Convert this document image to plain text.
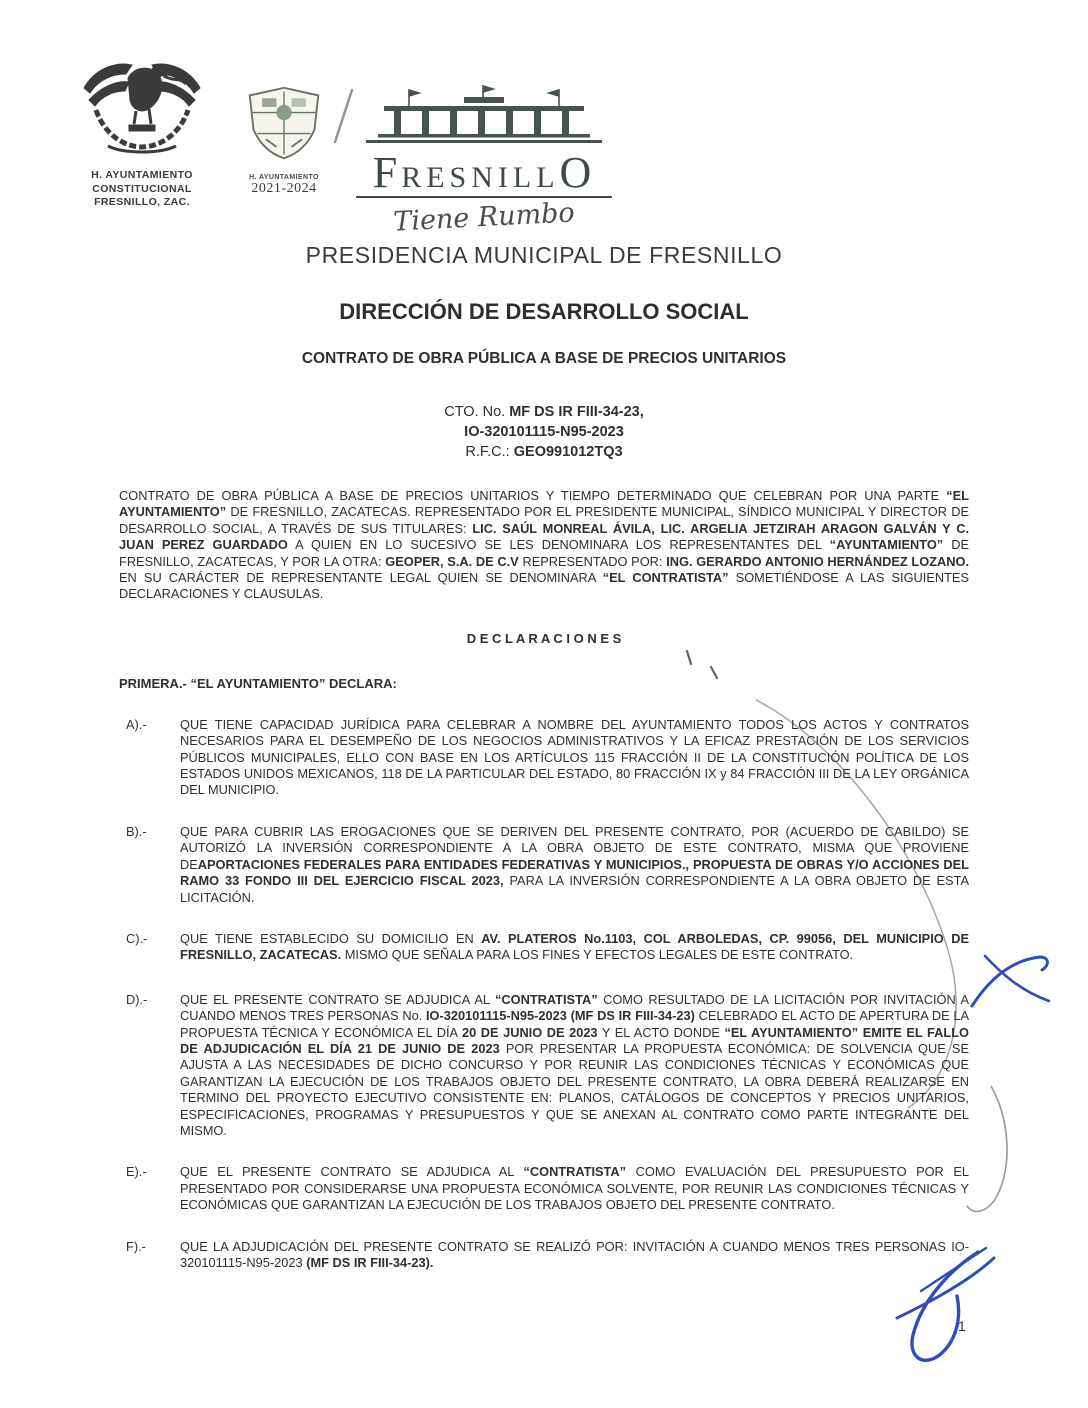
H. AYUNTAMIENTO
CONSTITUCIONAL
FRESNILLO, ZAC.
H. AYUNTAMIENTO
2021-2024	F RESNILL O
Tiene Rumbo
PRESIDENCIA MUNICIPAL DE FRESNILLO
DIRECCIÓN DE DESARROLLO SOCIAL
CONTRATO DE OBRA PÚBLICA A BASE DE PRECIOS UNITARIOS
CTO. No. MF DS IR FIII-34-23,
IO-320101115-N95-2023
R.F.C.: GEO991012TQ3

CONTRATO DE OBRA PÚBLICA A BASE DE PRECIOS UNITARIOS Y TIEMPO DETERMINADO QUE CELEBRAN POR UNA PARTE “EL AYUNTAMIENTO” DE FRESNILLO, ZACATECAS. REPRESENTADO POR EL PRESIDENTE MUNICIPAL, SÍNDICO MUNICIPAL Y DIRECTOR DE DESARROLLO SOCIAL, A TRAVÉS DE SUS TITULARES: LIC. SAÚL MONREAL ÁVILA, LIC. ARGELIA JETZIRAH ARAGON GALVÁN Y C. JUAN PEREZ GUARDADO A QUIEN EN LO SUCESIVO SE LES DENOMINARA LOS REPRESENTANTES DEL “AYUNTAMIENTO” DE FRESNILLO, ZACATECAS, Y POR LA OTRA: GEOPER, S.A. DE C.V REPRESENTADO POR: ING. GERARDO ANTONIO HERNÁNDEZ LOZANO. EN SU CARÁCTER DE REPRESENTANTE LEGAL QUIEN SE DENOMINARA “EL CONTRATISTA” SOMETIÉNDOSE A LAS SIGUIENTES DECLARACIONES Y CLAUSULAS.

D E C L A R A C I O N E S
PRIMERA.- “EL AYUNTAMIENTO” DECLARA:
A).-	QUE TIENE CAPACIDAD JURÍDICA PARA CELEBRAR A NOMBRE DEL AYUNTAMIENTO TODOS LOS ACTOS Y CONTRATOS NECESARIOS PARA EL DESEMPEÑO DE LOS NEGOCIOS ADMINISTRATIVOS Y LA EFICAZ PRESTACIÓN DE LOS SERVICIOS PÚBLICOS MUNICIPALES, ELLO CON BASE EN LOS ARTÍCULOS 115 FRACCIÓN II DE LA CONSTITUCIÓN POLÍTICA DE LOS ESTADOS UNIDOS MEXICANOS, 118 DE LA PARTICULAR DEL ESTADO, 80 FRACCIÓN IX y 84 FRACCIÓN III DE LA LEY ORGÁNICA DEL MUNICIPIO.

B).-	QUE PARA CUBRIR LAS EROGACIONES QUE SE DERIVEN DEL PRESENTE CONTRATO, POR (ACUERDO DE CABILDO) SE AUTORIZÓ LA INVERSIÓN CORRESPONDIENTE A LA OBRA OBJETO DE ESTE CONTRATO, MISMA QUE PROVIENE DEAPORTACIONES FEDERALES PARA ENTIDADES FEDERATIVAS Y MUNICIPIOS., PROPUESTA DE OBRAS Y/O ACCIONES DEL RAMO 33 FONDO III DEL EJERCICIO FISCAL 2023, PARA LA INVERSIÓN CORRESPONDIENTE A LA OBRA OBJETO DE ESTA LICITACIÓN.

C).-	QUE TIENE ESTABLECIDO SU DOMICILIO EN AV. PLATEROS No.1103, COL ARBOLEDAS, CP. 99056, DEL MUNICIPIO DE FRESNILLO, ZACATECAS. MISMO QUE SEÑALA PARA LOS FINES Y EFECTOS LEGALES DE ESTE CONTRATO.

D).-	QUE EL PRESENTE CONTRATO SE ADJUDICA AL “CONTRATISTA” COMO RESULTADO DE LA LICITACIÓN POR INVITACIÓN A CUANDO MENOS TRES PERSONAS No. IO-320101115-N95-2023 (MF DS IR FIII-34-23) CELEBRADO EL ACTO DE APERTURA DE LA PROPUESTA TÉCNICA Y ECONÓMICA EL DÍA 20 DE JUNIO DE 2023 Y EL ACTO DONDE “EL AYUNTAMIENTO” EMITE EL FALLO DE ADJUDICACIÓN EL DÍA 21 DE JUNIO DE 2023 POR PRESENTAR LA PROPUESTA ECONÓMICA: DE SOLVENCIA QUE SE AJUSTA A LAS NECESIDADES DE DICHO CONCURSO Y POR REUNIR LAS CONDICIONES TÉCNICAS Y ECONÓMICAS QUE GARANTIZAN LA EJECUCIÓN DE LOS TRABAJOS OBJETO DEL PRESENTE CONTRATO, LA OBRA DEBERÁ REALIZARSE EN TERMINO DEL PROYECTO EJECUTIVO CONSISTENTE EN: PLANOS, CATÁLOGOS DE CONCEPTOS Y PRECIOS UNITARIOS, ESPECIFICACIONES, PROGRAMAS Y PRESUPUESTOS Y QUE SE ANEXAN AL CONTRATO COMO PARTE INTEGRANTE DEL MISMO.

E).-	QUE EL PRESENTE CONTRATO SE ADJUDICA AL “CONTRATISTA” COMO EVALUACIÓN DEL PRESUPUESTO POR EL PRESENTADO POR CONSIDERARSE UNA PROPUESTA ECONÓMICA SOLVENTE, POR REUNIR LAS CONDICIONES TÉCNICAS Y ECONÓMICAS QUE GARANTIZAN LA EJECUCIÓN DE LOS TRABAJOS OBJETO DEL PRESENTE CONTRATO.

F).-	QUE LA ADJUDICACIÓN DEL PRESENTE CONTRATO SE REALIZÓ POR: INVITACIÓN A CUANDO MENOS TRES PERSONAS IO-320101115-N95-2023 (MF DS IR FIII-34-23).

1
